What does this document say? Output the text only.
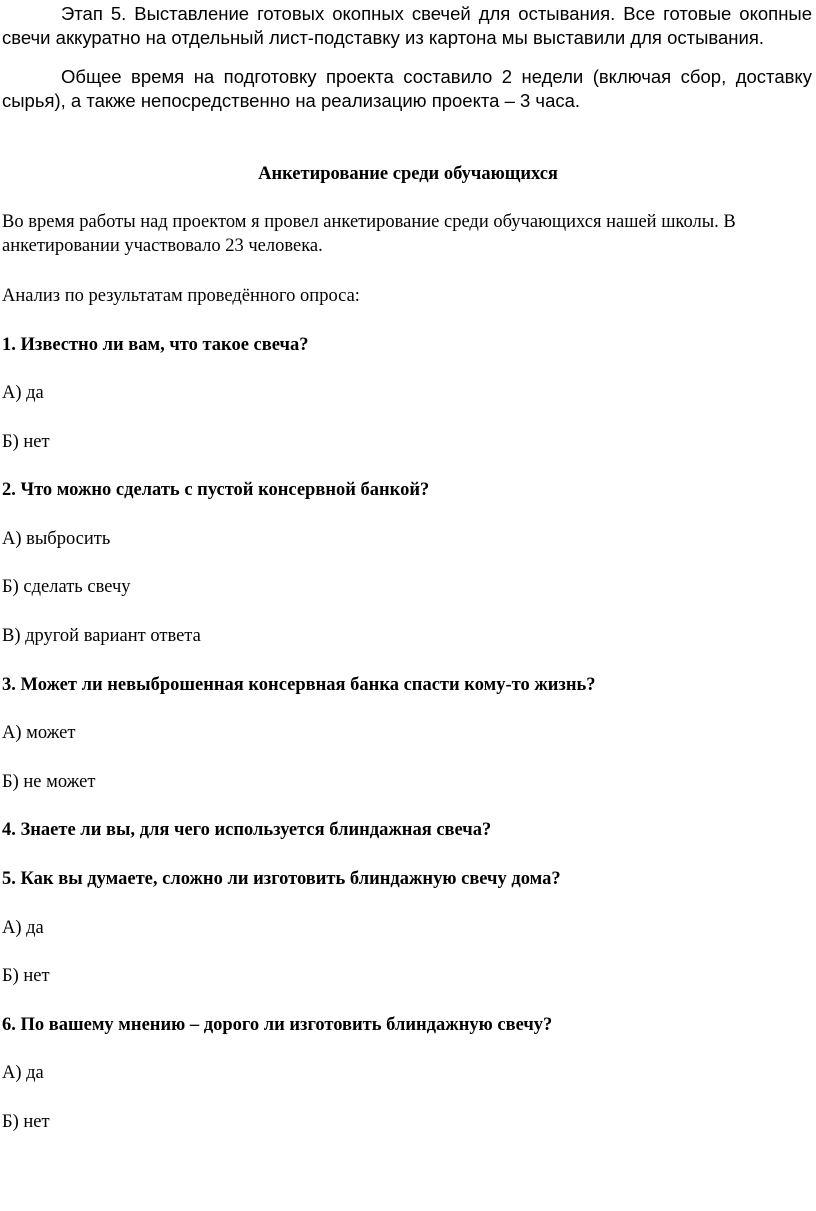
Этап 5. Выставление готовых окопных свечей для остывания. Все готовые окопные свечи аккуратно на отдельный лист-подставку из картона мы выставили для остывания.

Общее время на подготовку проекта составило 2 недели (включая сбор, доставку сырья), а также непосредственно на реализацию проекта – 3 часа.

Анкетирование среди обучающихся

Во время работы над проектом я провел анкетирование среди обучающихся нашей школы. В анкетировании участвовало 23 человека.

Анализ по результатам проведённого опроса:

1. Известно ли вам, что такое свеча?

А) да

Б) нет

2. Что можно сделать с пустой консервной банкой?

А) выбросить

Б) сделать свечу

В) другой вариант ответа

3. Может ли невыброшенная консервная банка спасти кому-то жизнь?

А) может

Б) не может

4. Знаете ли вы, для чего используется блиндажная свеча?

5. Как вы думаете, сложно ли изготовить блиндажную свечу дома?

А) да

Б) нет

6. По вашему мнению – дорого ли изготовить блиндажную свечу?

А) да

Б) нет
